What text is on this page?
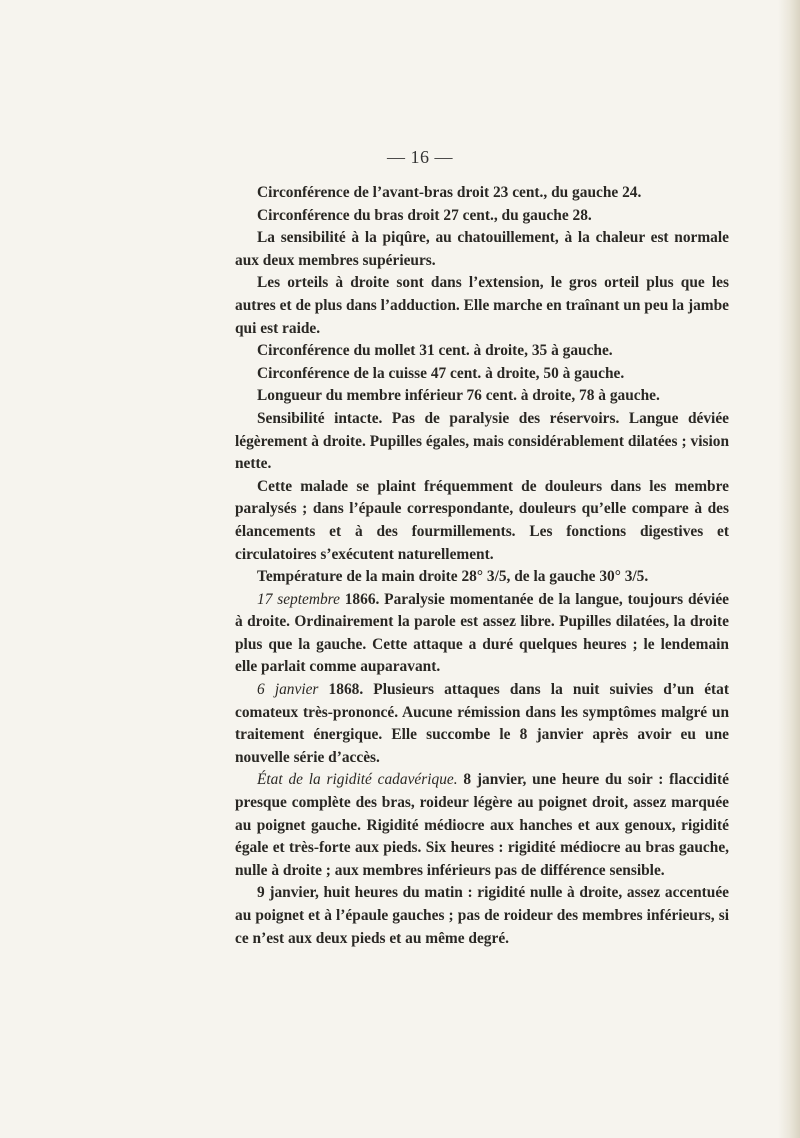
— 16 —

Circonférence de l’avant-bras droit 23 cent., du gauche 24.

Circonférence du bras droit 27 cent., du gauche 28.

La sensibilité à la piqûre, au chatouillement, à la chaleur est normale aux deux membres supérieurs.

Les orteils à droite sont dans l’extension, le gros orteil plus que les autres et de plus dans l’adduction. Elle marche en traînant un peu la jambe qui est raide.

Circonférence du mollet 31 cent. à droite, 35 à gauche.

Circonférence de la cuisse 47 cent. à droite, 50 à gauche.

Longueur du membre inférieur 76 cent. à droite, 78 à gauche.

Sensibilité intacte. Pas de paralysie des réservoirs. Langue déviée légèrement à droite. Pupilles égales, mais considérablement dilatées ; vision nette.

Cette malade se plaint fréquemment de douleurs dans les membre paralysés ; dans l’épaule correspondante, douleurs qu’elle compare à des élancements et à des fourmillements. Les fonctions digestives et circulatoires s’exécutent naturellement.

Température de la main droite 28° 3/5, de la gauche 30° 3/5.

17 septembre 1866. Paralysie momentanée de la langue, toujours déviée à droite. Ordinairement la parole est assez libre. Pupilles dilatées, la droite plus que la gauche. Cette attaque a duré quelques heures ; le lendemain elle parlait comme auparavant.

6 janvier 1868. Plusieurs attaques dans la nuit suivies d’un état comateux très-prononcé. Aucune rémission dans les symptômes malgré un traitement énergique. Elle succombe le 8 janvier après avoir eu une nouvelle série d’accès.

État de la rigidité cadavérique. 8 janvier, une heure du soir : flaccidité presque complète des bras, roideur légère au poignet droit, assez marquée au poignet gauche. Rigidité médiocre aux hanches et aux genoux, rigidité égale et très-forte aux pieds. Six heures : rigidité médiocre au bras gauche, nulle à droite ; aux membres inférieurs pas de différence sensible.

9 janvier, huit heures du matin : rigidité nulle à droite, assez accentuée au poignet et à l’épaule gauches ; pas de roideur des membres inférieurs, si ce n’est aux deux pieds et au même degré.
